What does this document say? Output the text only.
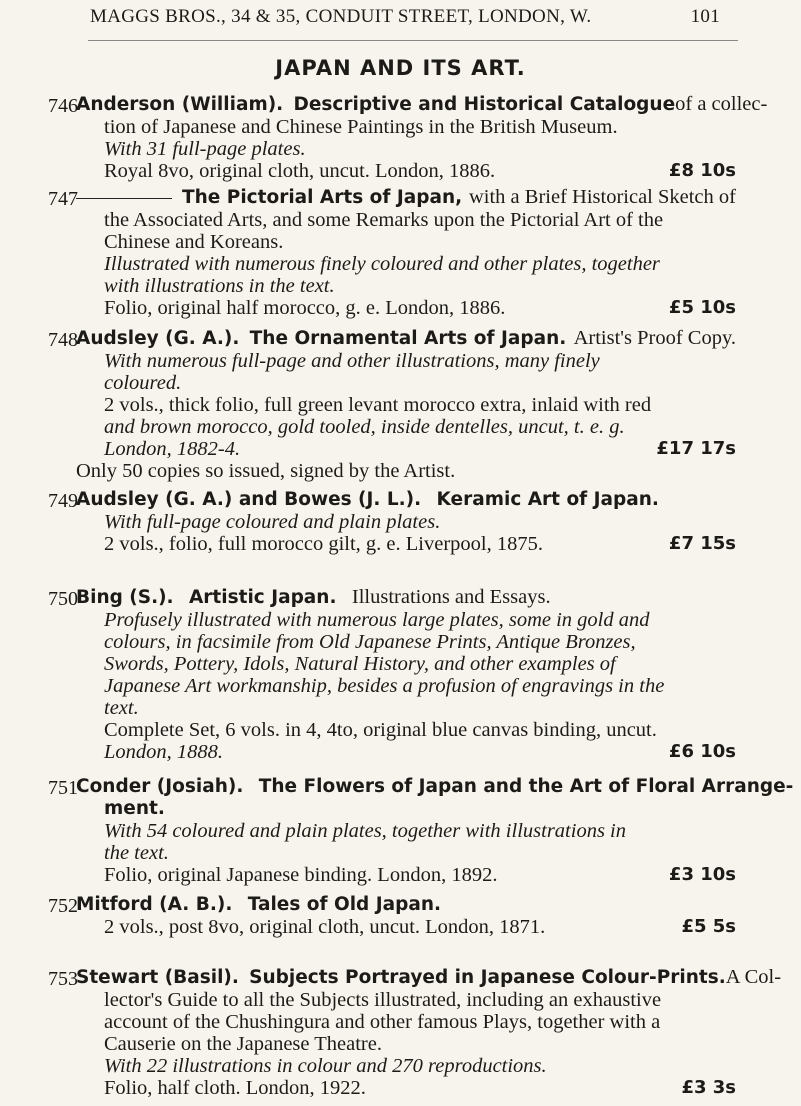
MAGGS BROS., 34 & 35, CONDUIT STREET, LONDON, W.	101
JAPAN AND ITS ART.
746
Anderson (William). Descriptive and Historical Catalogue of a collec-
tion of Japanese and Chinese Paintings in the British Museum.
With 31 full-page plates.
Royal 8vo, original cloth, uncut. London, 1886.	£8 10s
747	The Pictorial Arts of Japan, with a Brief Historical Sketch of
the Associated Arts, and some Remarks upon the Pictorial Art of the
Chinese and Koreans.
Illustrated with numerous finely coloured and other plates, together
with illustrations in the text.
Folio, original half morocco, g. e. London, 1886.	£5 10s
748
Audsley (G. A.). The Ornamental Arts of Japan. Artist's Proof Copy.
With numerous full-page and other illustrations, many finely
coloured.
2 vols., thick folio, full green levant morocco extra, inlaid with red
and brown morocco, gold tooled, inside dentelles, uncut, t. e. g.
London, 1882-4.	£17 17s
Only 50 copies so issued, signed by the Artist.
749
Audsley (G. A.) and Bowes (J. L.). Keramic Art of Japan.
With full-page coloured and plain plates.
2 vols., folio, full morocco gilt, g. e. Liverpool, 1875.	£7 15s
750
Bing (S.). Artistic Japan. Illustrations and Essays.
Profusely illustrated with numerous large plates, some in gold and
colours, in facsimile from Old Japanese Prints, Antique Bronzes,
Swords, Pottery, Idols, Natural History, and other examples of
Japanese Art workmanship, besides a profusion of engravings in the
text.
Complete Set, 6 vols. in 4, 4to, original blue canvas binding, uncut.
London, 1888.	£6 10s
751
Conder (Josiah). The Flowers of Japan and the Art of Floral Arrange-
ment.
With 54 coloured and plain plates, together with illustrations in
the text.
Folio, original Japanese binding. London, 1892.	£3 10s
752
Mitford (A. B.). Tales of Old Japan.
2 vols., post 8vo, original cloth, uncut. London, 1871.	£5 5s
753
Stewart (Basil). Subjects Portrayed in Japanese Colour-Prints. A Col-
lector's Guide to all the Subjects illustrated, including an exhaustive
account of the Chushingura and other famous Plays, together with a
Causerie on the Japanese Theatre.
With 22 illustrations in colour and 270 reproductions.
Folio, half cloth. London, 1922.	£3 3s
